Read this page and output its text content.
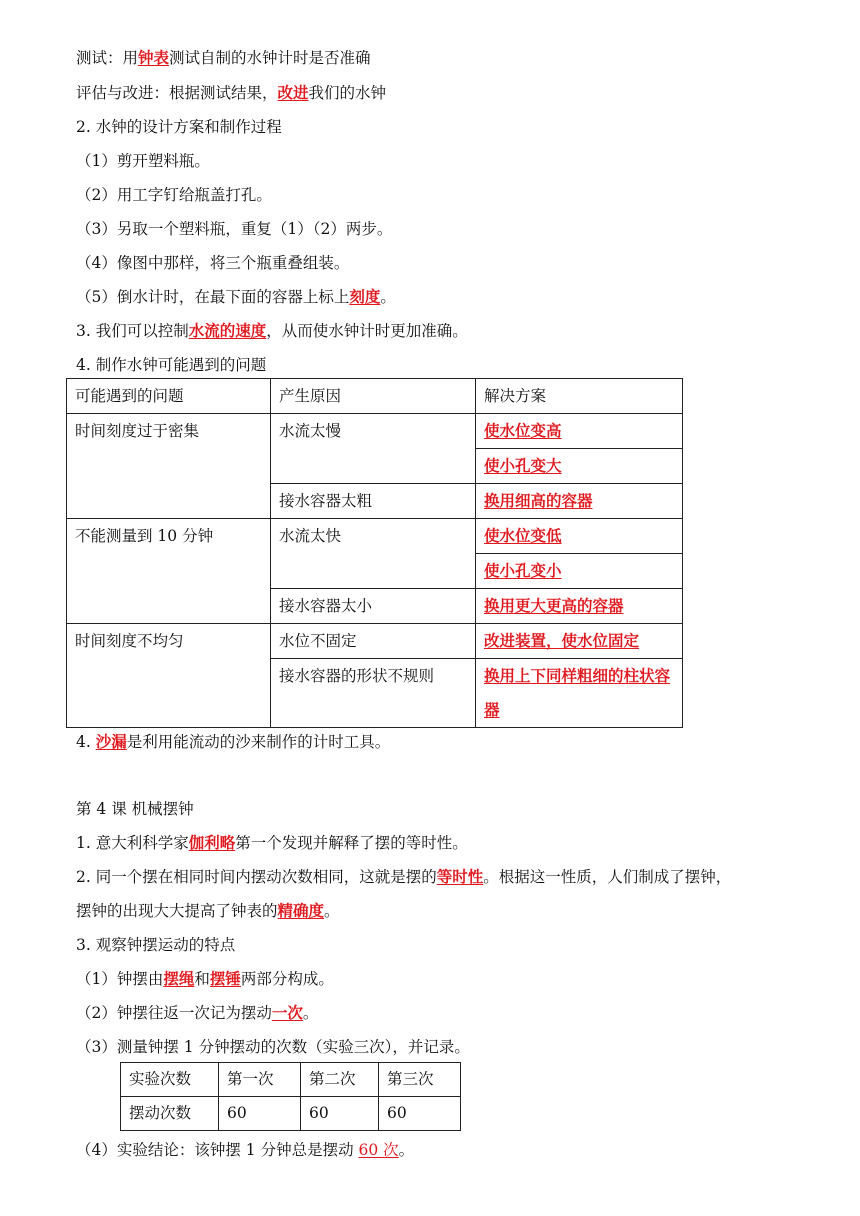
测试：用钟表测试自制的水钟计时是否准确
评估与改进：根据测试结果，改进我们的水钟
2. 水钟的设计方案和制作过程
（1）剪开塑料瓶。
（2）用工字钉给瓶盖打孔。
（3）另取一个塑料瓶，重复（1）（2）两步。
（4）像图中那样，将三个瓶重叠组装。
（5）倒水计时，在最下面的容器上标上刻度。
3. 我们可以控制水流的速度，从而使水钟计时更加准确。
4. 制作水钟可能遇到的问题
可能遇到的问题	产生原因	解决方案
时间刻度过于密集	水流太慢	使水位变高
		使小孔变大
	接水容器太粗	换用细高的容器
不能测量到 10 分钟	水流太快	使水位变低
		使小孔变小
	接水容器太小	换用更大更高的容器
时间刻度不均匀	水位不固定	改进装置，使水位固定
	接水容器的形状不规则	换用上下同样粗细的柱状容器
4. 沙漏是利用能流动的沙来制作的计时工具。
第 4 课 机械摆钟
1. 意大利科学家伽利略第一个发现并解释了摆的等时性。
2. 同一个摆在相同时间内摆动次数相同，这就是摆的等时性。根据这一性质，人们制成了摆钟，
摆钟的出现大大提高了钟表的精确度。
3. 观察钟摆运动的特点
（1）钟摆由摆绳和摆锤两部分构成。
（2）钟摆往返一次记为摆动一次。
（3）测量钟摆 1 分钟摆动的次数（实验三次），并记录。
实验次数	第一次	第二次	第三次
摆动次数	60	60	60
（4）实验结论：该钟摆 1 分钟总是摆动 60 次。
